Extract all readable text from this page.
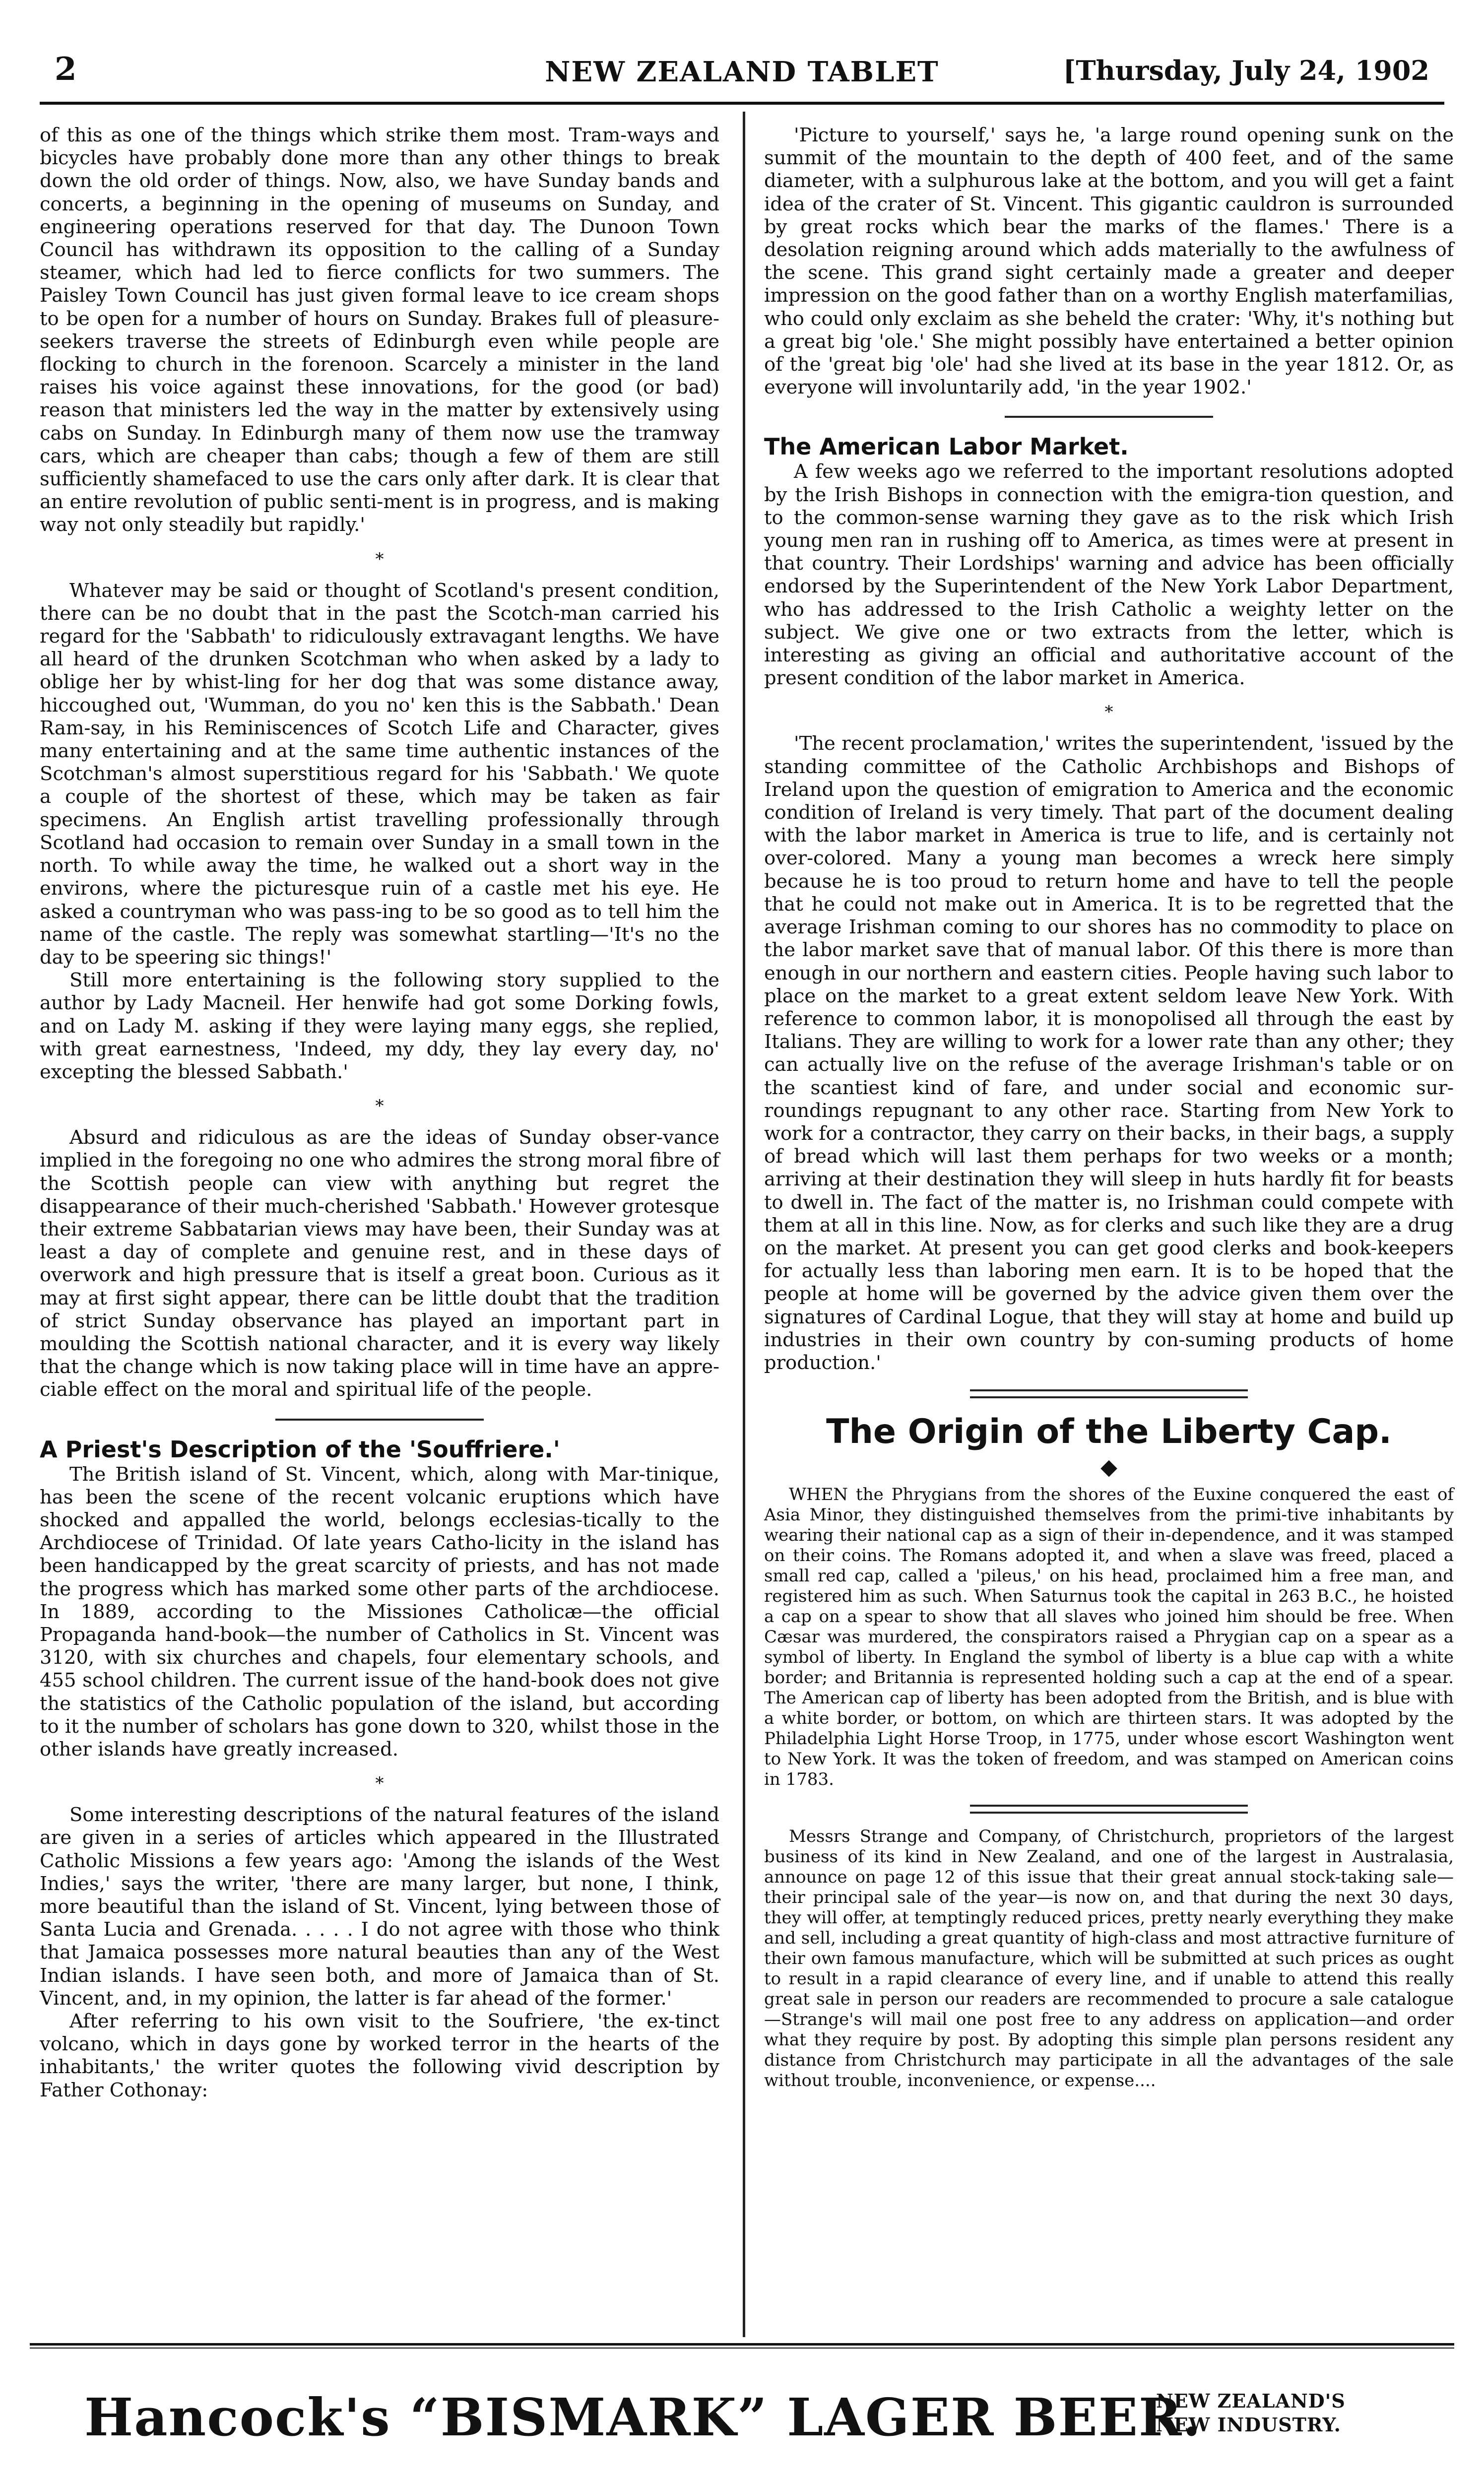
2	NEW ZEALAND TABLET	[Thursday, July 24, 1902

of this as one of the things which strike them most. Tram-ways and bicycles have probably done more than any other things to break down the old order of things. Now, also, we have Sunday bands and concerts, a beginning in the opening of museums on Sunday, and engineering operations reserved for that day. The Dunoon Town Council has withdrawn its opposition to the calling of a Sunday steamer, which had led to fierce conflicts for two summers. The Paisley Town Council has just given formal leave to ice cream shops to be open for a number of hours on Sunday. Brakes full of pleasure-seekers traverse the streets of Edinburgh even while people are flocking to church in the forenoon. Scarcely a minister in the land raises his voice against these innovations, for the good (or bad) reason that ministers led the way in the matter by extensively using cabs on Sunday. In Edinburgh many of them now use the tramway cars, which are cheaper than cabs; though a few of them are still sufficiently shamefaced to use the cars only after dark. It is clear that an entire revolution of public senti-ment is in progress, and is making way not only steadily but rapidly.'

*

Whatever may be said or thought of Scotland's present condition, there can be no doubt that in the past the Scotch-man carried his regard for the 'Sabbath' to ridiculously extravagant lengths. We have all heard of the drunken Scotchman who when asked by a lady to oblige her by whist-ling for her dog that was some distance away, hiccoughed out, 'Wumman, do you no' ken this is the Sabbath.' Dean Ram-say, in his Reminiscences of Scotch Life and Character, gives many entertaining and at the same time authentic instances of the Scotchman's almost superstitious regard for his 'Sabbath.' We quote a couple of the shortest of these, which may be taken as fair specimens. An English artist travelling professionally through Scotland had occasion to remain over Sunday in a small town in the north. To while away the time, he walked out a short way in the environs, where the picturesque ruin of a castle met his eye. He asked a countryman who was pass-ing to be so good as to tell him the name of the castle. The reply was somewhat startling—'It's no the day to be speering sic things!'

Still more entertaining is the following story supplied to the author by Lady Macneil. Her henwife had got some Dorking fowls, and on Lady M. asking if they were laying many eggs, she replied, with great earnestness, 'Indeed, my ddy, they lay every day, no' excepting the blessed Sabbath.'

*

Absurd and ridiculous as are the ideas of Sunday obser-vance implied in the foregoing no one who admires the strong moral fibre of the Scottish people can view with anything but regret the disappearance of their much-cherished 'Sabbath.' However grotesque their extreme Sabbatarian views may have been, their Sunday was at least a day of complete and genuine rest, and in these days of overwork and high pressure that is itself a great boon. Curious as it may at first sight appear, there can be little doubt that the tradition of strict Sunday observance has played an important part in moulding the Scottish national character, and it is every way likely that the change which is now taking place will in time have an appre-ciable effect on the moral and spiritual life of the people.

A Priest's Description of the 'Souffriere.'

The British island of St. Vincent, which, along with Mar-tinique, has been the scene of the recent volcanic eruptions which have shocked and appalled the world, belongs ecclesias-tically to the Archdiocese of Trinidad. Of late years Catho-licity in the island has been handicapped by the great scarcity of priests, and has not made the progress which has marked some other parts of the archdiocese. In 1889, according to the Missiones Catholicæ—the official Propaganda hand-book—the number of Catholics in St. Vincent was 3120, with six churches and chapels, four elementary schools, and 455 school children. The current issue of the hand-book does not give the statistics of the Catholic population of the island, but according to it the number of scholars has gone down to 320, whilst those in the other islands have greatly increased.

*

Some interesting descriptions of the natural features of the island are given in a series of articles which appeared in the Illustrated Catholic Missions a few years ago: 'Among the islands of the West Indies,' says the writer, 'there are many larger, but none, I think, more beautiful than the island of St. Vincent, lying between those of Santa Lucia and Grenada. . . . . I do not agree with those who think that Jamaica possesses more natural beauties than any of the West Indian islands. I have seen both, and more of Jamaica than of St. Vincent, and, in my opinion, the latter is far ahead of the former.'

After referring to his own visit to the Soufriere, 'the ex-tinct volcano, which in days gone by worked terror in the hearts of the inhabitants,' the writer quotes the following vivid description by Father Cothonay:

'Picture to yourself,' says he, 'a large round opening sunk on the summit of the mountain to the depth of 400 feet, and of the same diameter, with a sulphurous lake at the bottom, and you will get a faint idea of the crater of St. Vincent. This gigantic cauldron is surrounded by great rocks which bear the marks of the flames.' There is a desolation reigning around which adds materially to the awfulness of the scene. This grand sight certainly made a greater and deeper impression on the good father than on a worthy English materfamilias, who could only exclaim as she beheld the crater: 'Why, it's nothing but a great big 'ole.' She might possibly have entertained a better opinion of the 'great big 'ole' had she lived at its base in the year 1812. Or, as everyone will involuntarily add, 'in the year 1902.'

The American Labor Market.

A few weeks ago we referred to the important resolutions adopted by the Irish Bishops in connection with the emigra-tion question, and to the common-sense warning they gave as to the risk which Irish young men ran in rushing off to America, as times were at present in that country. Their Lordships' warning and advice has been officially endorsed by the Superintendent of the New York Labor Department, who has addressed to the Irish Catholic a weighty letter on the subject. We give one or two extracts from the letter, which is interesting as giving an official and authoritative account of the present condition of the labor market in America.

*

'The recent proclamation,' writes the superintendent, 'issued by the standing committee of the Catholic Archbishops and Bishops of Ireland upon the question of emigration to America and the economic condition of Ireland is very timely. That part of the document dealing with the labor market in America is true to life, and is certainly not over-colored. Many a young man becomes a wreck here simply because he is too proud to return home and have to tell the people that he could not make out in America. It is to be regretted that the average Irishman coming to our shores has no commodity to place on the labor market save that of manual labor. Of this there is more than enough in our northern and eastern cities. People having such labor to place on the market to a great extent seldom leave New York. With reference to common labor, it is monopolised all through the east by Italians. They are willing to work for a lower rate than any other; they can actually live on the refuse of the average Irishman's table or on the scantiest kind of fare, and under social and economic sur-roundings repugnant to any other race. Starting from New York to work for a contractor, they carry on their backs, in their bags, a supply of bread which will last them perhaps for two weeks or a month; arriving at their destination they will sleep in huts hardly fit for beasts to dwell in. The fact of the matter is, no Irishman could compete with them at all in this line. Now, as for clerks and such like they are a drug on the market. At present you can get good clerks and book-keepers for actually less than laboring men earn. It is to be hoped that the people at home will be governed by the advice given them over the signatures of Cardinal Logue, that they will stay at home and build up industries in their own country by con-suming products of home production.'

The Origin of the Liberty Cap.
◆

WHEN the Phrygians from the shores of the Euxine conquered the east of Asia Minor, they distinguished themselves from the primi-tive inhabitants by wearing their national cap as a sign of their in-dependence, and it was stamped on their coins. The Romans adopted it, and when a slave was freed, placed a small red cap, called a 'pileus,' on his head, proclaimed him a free man, and registered him as such. When Saturnus took the capital in 263 B.C., he hoisted a cap on a spear to show that all slaves who joined him should be free. When Cæsar was murdered, the conspirators raised a Phrygian cap on a spear as a symbol of liberty. In England the symbol of liberty is a blue cap with a white border; and Britannia is represented holding such a cap at the end of a spear. The American cap of liberty has been adopted from the British, and is blue with a white border, or bottom, on which are thirteen stars. It was adopted by the Philadelphia Light Horse Troop, in 1775, under whose escort Washington went to New York. It was the token of freedom, and was stamped on American coins in 1783.

Messrs Strange and Company, of Christchurch, proprietors of the largest business of its kind in New Zealand, and one of the largest in Australasia, announce on page 12 of this issue that their great annual stock-taking sale—their principal sale of the year—is now on, and that during the next 30 days, they will offer, at temptingly reduced prices, pretty nearly everything they make and sell, including a great quantity of high-class and most attractive furniture of their own famous manufacture, which will be submitted at such prices as ought to result in a rapid clearance of every line, and if unable to attend this really great sale in person our readers are recommended to procure a sale catalogue—Strange's will mail one post free to any address on application—and order what they require by post. By adopting this simple plan persons resident any distance from Christchurch may participate in all the advantages of the sale without trouble, inconvenience, or expense....

Hancock's “BISMARK” LAGER BEER.
NEW ZEALAND'S
NEW INDUSTRY.
